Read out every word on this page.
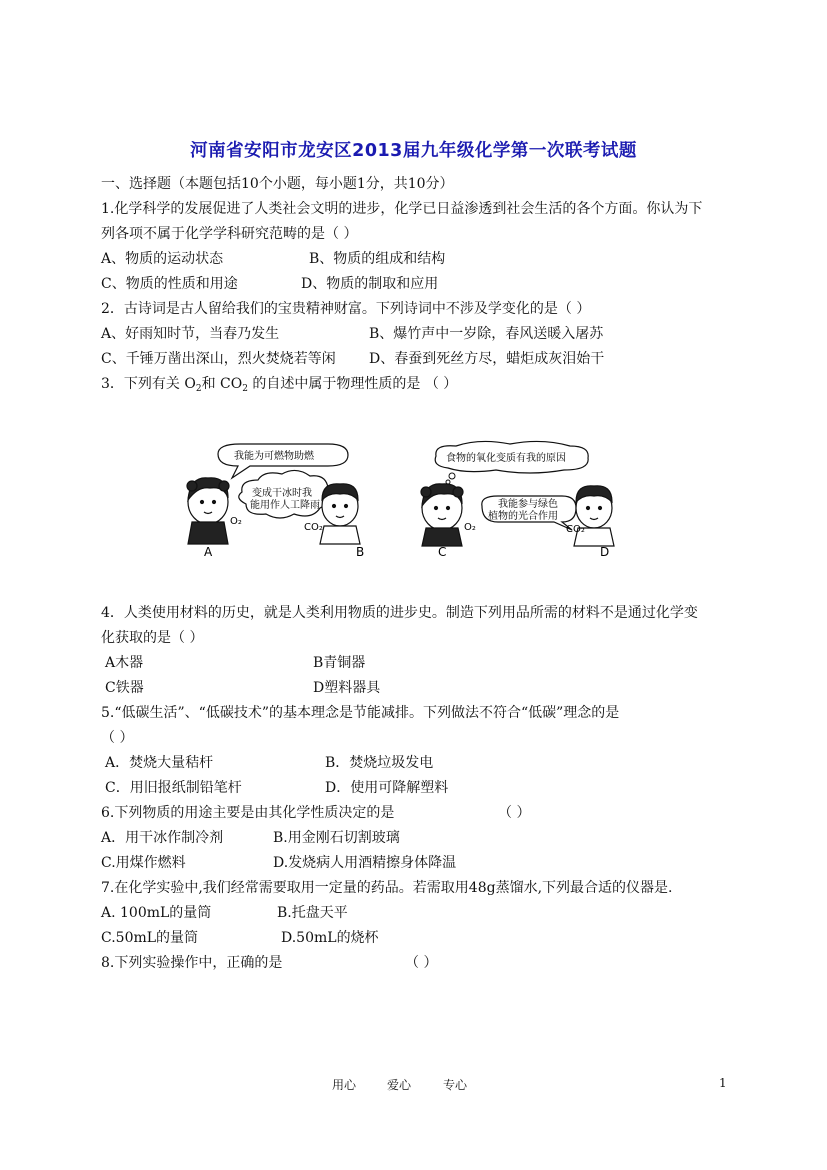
河南省安阳市龙安区2013届九年级化学第一次联考试题
一、选择题（本题包括10个小题，每小题1分，共10分）
1.化学科学的发展促进了人类社会文明的进步，化学已日益渗透到社会生活的各个方面。你认为下
列各项不属于化学学科研究范畴的是（ ）
A、物质的运动状态	B、物质的组成和结构
C、物质的性质和用途	D、物质的制取和应用
2．古诗词是古人留给我们的宝贵精神财富。下列诗词中不涉及学变化的是（ ）
A、好雨知时节，当春乃发生	B、爆竹声中一岁除，春风送暖入屠苏
C、千锤万凿出深山，烈火焚烧若等闲 D、春蚕到死丝方尽，蜡炬成灰泪始干
3．下列有关 $O_2$和 $CO_2$ 的自述中属于物理性质的是 （ ）
我能为可燃物助燃
变成干冰时我
能用作人工降雨
O₂
CO₂
A	B
食物的氧化变质有我的原因
我能参与绿色
植物的光合作用
O₂	CO₂
C	D
4．人类使用材料的历史，就是人类利用物质的进步史。制造下列用品所需的材料不是通过化学变
化获取的是（ ）
A木器	B青铜器
C铁器	D塑料器具
5.“低碳生活”、“低碳技术”的基本理念是节能减排。下列做法不符合“低碳”理念的是
（ ）
A．焚烧大量秸杆	B．焚烧垃圾发电
C．用旧报纸制铅笔杆	D．使用可降解塑料
6.下列物质的用途主要是由其化学性质决定的是	（ ）
A．用干冰作制冷剂	B.用金刚石切割玻璃
C.用煤作燃料	D.发烧病人用酒精擦身体降温
7.在化学实验中,我们经常需要取用一定量的药品。若需取用48g蒸馏水,下列最合适的仪器是.
A. 100mL的量筒	B.托盘天平
C.50mL的量筒	D.50mL的烧杯
8.下列实验操作中，正确的是	（ ）
用心	爱心	专心	1
